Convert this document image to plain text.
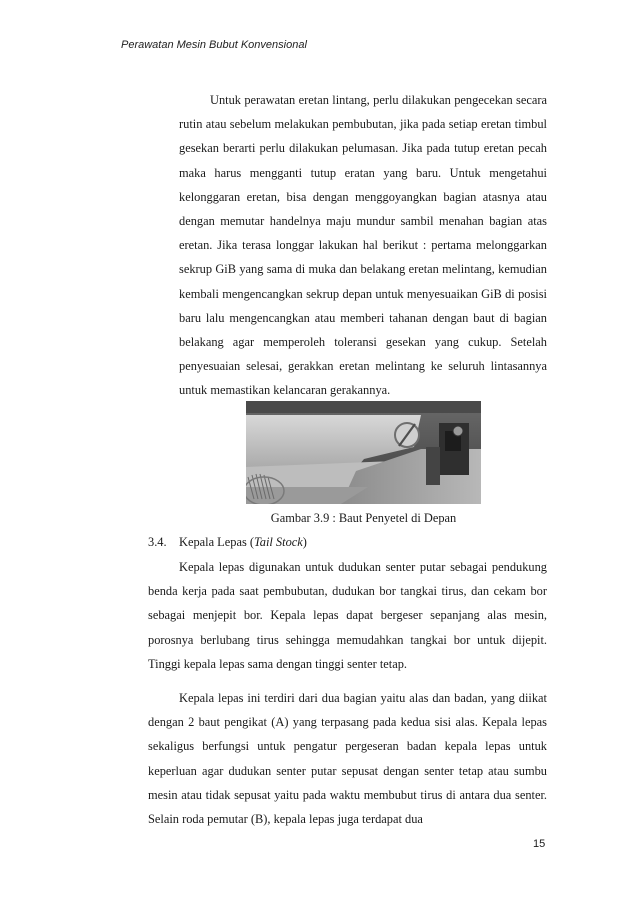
Perawatan Mesin Bubut Konvensional

Untuk perawatan eretan lintang, perlu dilakukan pengecekan secara rutin atau sebelum melakukan pembubutan, jika pada setiap eretan timbul gesekan berarti perlu dilakukan pelumasan. Jika pada tutup eretan pecah maka harus mengganti tutup eratan yang baru. Untuk mengetahui kelonggaran eretan, bisa dengan menggoyangkan bagian atasnya atau dengan memutar handelnya maju mundur sambil menahan bagian atas eretan. Jika terasa longgar lakukan hal berikut : pertama melonggarkan sekrup GiB yang sama di muka dan belakang eretan melintang, kemudian kembali mengencangkan sekrup depan untuk menyesuaikan GiB di posisi baru lalu mengencangkan atau memberi tahanan dengan baut di bagian belakang agar memperoleh toleransi gesekan yang cukup. Setelah penyesuaian selesai, gerakkan eretan melintang ke seluruh lintasannya untuk memastikan kelancaran gerakannya.

Gambar 3.9 : Baut Penyetel di Depan
3.4. Kepala Lepas (Tail Stock)

Kepala lepas digunakan untuk dudukan senter putar sebagai pendukung benda kerja pada saat pembubutan, dudukan bor tangkai tirus, dan cekam bor sebagai menjepit bor. Kepala lepas dapat bergeser sepanjang alas mesin, porosnya berlubang tirus sehingga memudahkan tangkai bor untuk dijepit. Tinggi kepala lepas sama dengan tinggi senter tetap.

Kepala lepas ini terdiri dari dua bagian yaitu alas dan badan, yang diikat dengan 2 baut pengikat (A) yang terpasang pada kedua sisi alas. Kepala lepas sekaligus berfungsi untuk pengatur pergeseran badan kepala lepas untuk keperluan agar dudukan senter putar sepusat dengan senter tetap atau sumbu mesin atau tidak sepusat yaitu pada waktu membubut tirus di antara dua senter. Selain roda pemutar (B), kepala lepas juga terdapat dua

15
